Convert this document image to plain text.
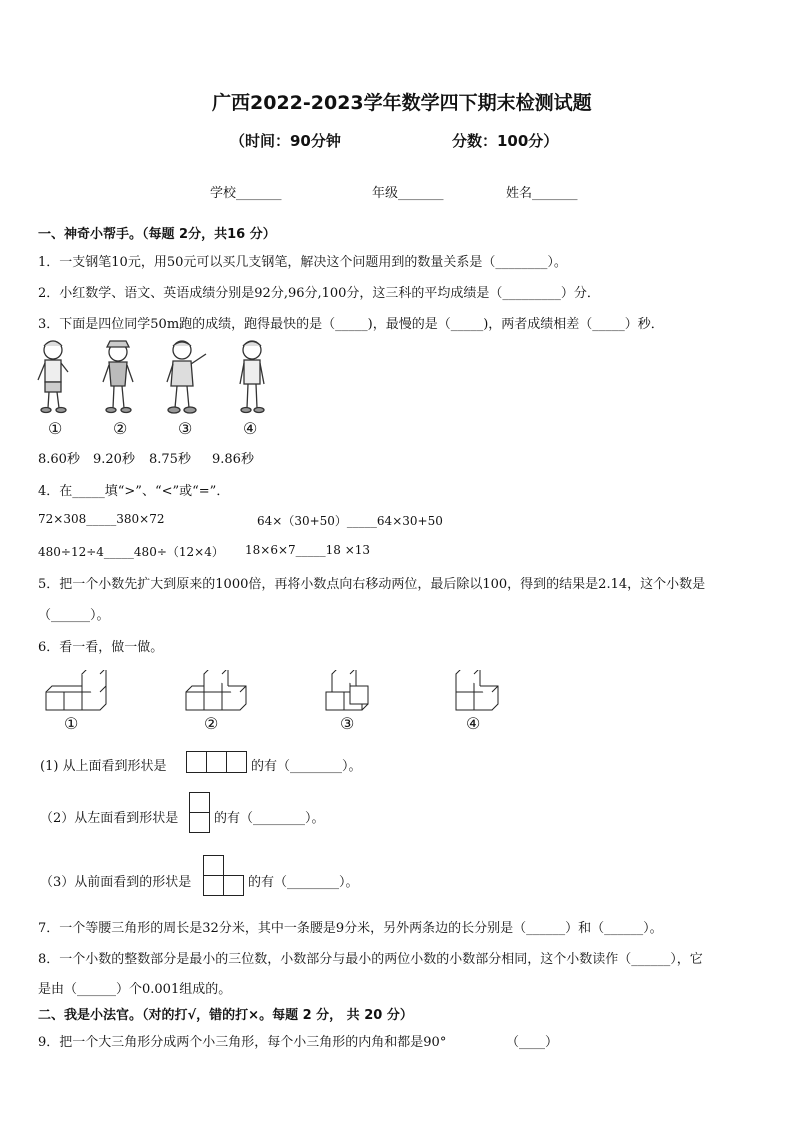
广西2022-2023学年数学四下期末检测试题
（时间：90分钟	分数：100分）
学校_______	年级_______	姓名_______
一、神奇小帮手。（每题 2分，共16 分）
1．一支钢笔10元，用50元可以买几支钢笔，解决这个问题用到的数量关系是（________）。
2．小红数学、语文、英语成绩分别是92分,96分,100分，这三科的平均成绩是（_________）分．
3．下面是四位同学50m跑的成绩，跑得最快的是（_____)，最慢的是（_____)，两者成绩相差（_____）秒．
①	②	③	④
8.60秒 9.20秒 8.75秒 9.86秒
4．在_____填“>”、“<”或“=”．
72×308_____380×72	64×（30+50）_____64×30+50
480÷12÷4_____480÷（12×4） 18×6×7_____18 ×13
5．把一个小数先扩大到原来的1000倍，再将小数点向右移动两位，最后除以100，得到的结果是2.14，这个小数是
（______）。
6．看一看，做一做。
①	②	③	④
(1) 从上面看到形状是	的有（________）。
（2）从左面看到形状是	的有（________）。
（3）从前面看到的形状是	的有（________）。
7．一个等腰三角形的周长是32分米，其中一条腰是9分米，另外两条边的长分别是（______）和（______）。
8．一个小数的整数部分是最小的三位数，小数部分与最小的两位小数的小数部分相同，这个小数读作（______），它
是由（______）个0.001组成的。
二、我是小法官。（对的打√，错的打×。每题 2 分， 共 20 分）
9．把一个大三角形分成两个小三角形，每个小三角形的内角和都是90°	（____）
